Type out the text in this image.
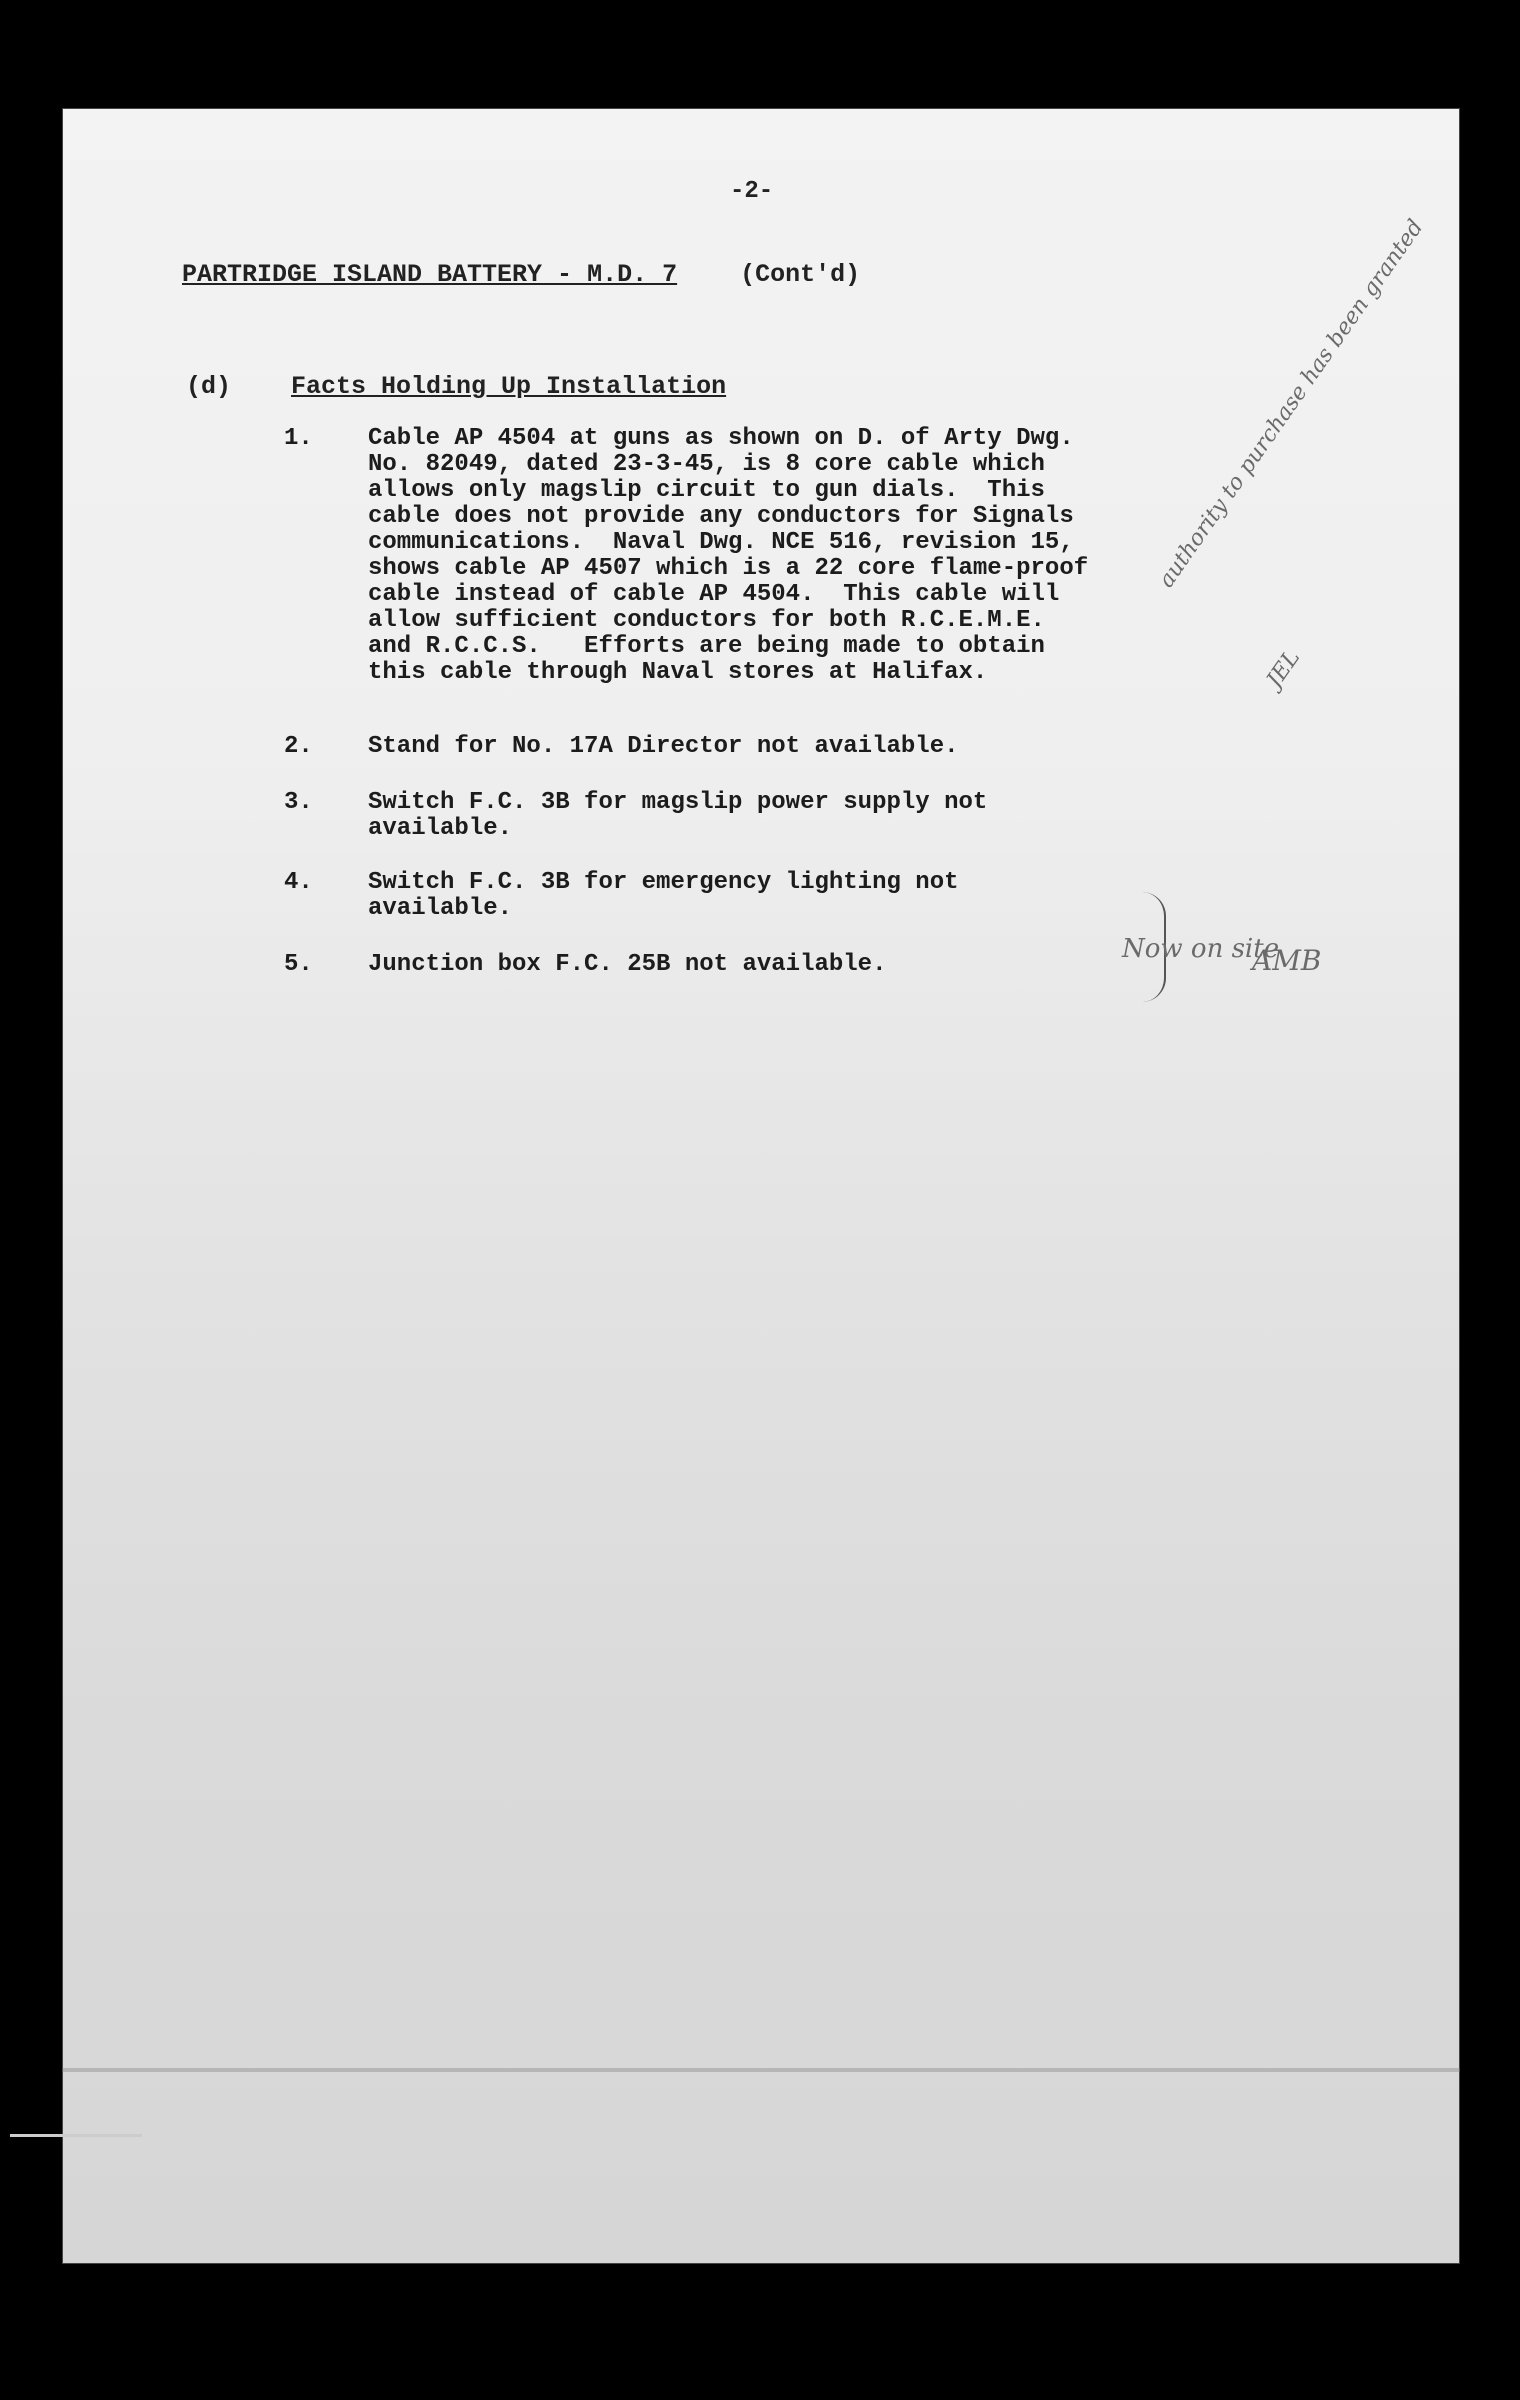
-2-
PARTRIDGE ISLAND BATTERY - M.D. 7	(Cont'd)
(d) Facts Holding Up Installation
1.	Cable AP 4504 at guns as shown on D. of Arty Dwg.
No. 82049, dated 23-3-45, is 8 core cable which
allows only magslip circuit to gun dials.  This
cable does not provide any conductors for Signals
communications.  Naval Dwg. NCE 516, revision 15,
shows cable AP 4507 which is a 22 core flame-proof
cable instead of cable AP 4504.  This cable will
allow sufficient conductors for both R.C.E.M.E.
and R.C.C.S.   Efforts are being made to obtain
this cable through Naval stores at Halifax.
2.	Stand for No. 17A Director not available.
3.	Switch F.C. 3B for magslip power supply not
available.
4.	Switch F.C. 3B for emergency lighting not
available.
5.	Junction box F.C. 25B not available.
authority to purchase has been granted
JEL
Now on site
AMB
